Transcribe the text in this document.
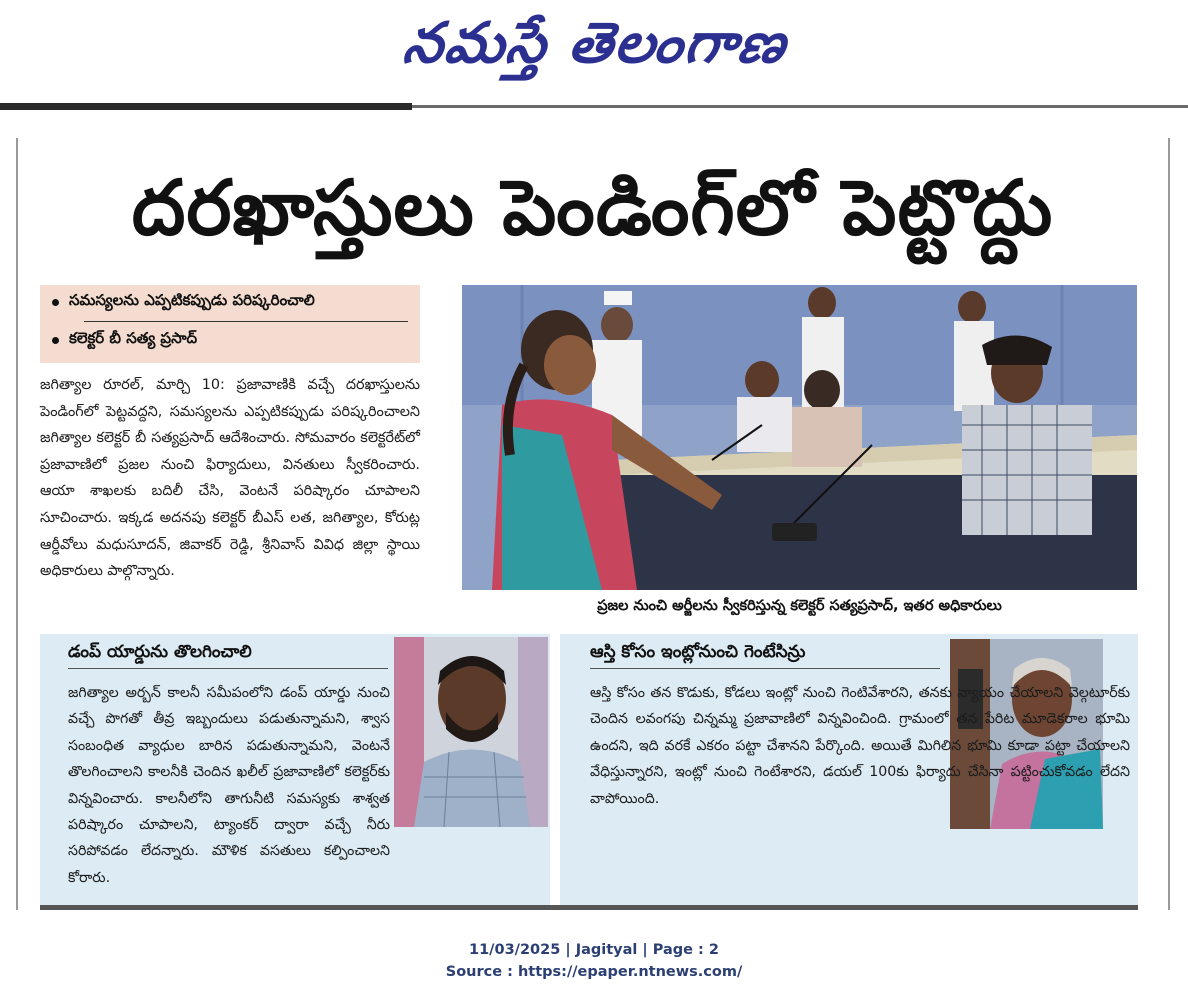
నమస్తే తెలంగాణ
దరఖాస్తులు పెండింగ్‌లో పెట్టొద్దు
సమస్యలను ఎప్పటికప్పుడు పరిష్కరించాలి
కలెక్టర్ బీ సత్య ప్రసాద్
జగిత్యాల రూరల్, మార్చి 10: ప్రజావాణికి వచ్చే దరఖాస్తులను పెండింగ్‌లో పెట్టవద్దని, సమస్యలను ఎప్పటికప్పుడు పరిష్కరించాలని జగిత్యాల కలెక్టర్ బీ సత్యప్రసాద్ ఆదేశించారు. సోమవారం కలెక్టరేట్‌లో ప్రజావాణిలో ప్రజల నుంచి ఫిర్యాదులు, వినతులు స్వీకరించారు. ఆయా శాఖలకు బదిలీ చేసి, వెంటనే పరిష్కారం చూపాలని సూచించారు. ఇక్కడ అదనపు కలెక్టర్ బీఎస్ లత, జగిత్యాల, కోరుట్ల ఆర్డీవోలు మధుసూదన్, జివాకర్ రెడ్డి, శ్రీనివాస్ వివిధ జిల్లా స్థాయి అధికారులు పాల్గొన్నారు.
ప్రజల నుంచి అర్జీలను స్వీకరిస్తున్న కలెక్టర్ సత్యప్రసాద్, ఇతర అధికారులు
డంప్ యార్డును తొలగించాలి
జగిత్యాల అర్బన్ కాలనీ సమీపంలోని డంప్ యార్డు నుంచి వచ్చే పొగతో తీవ్ర ఇబ్బందులు పడుతున్నామని, శ్వాస సంబంధిత వ్యాధుల బారిన పడుతున్నామని, వెంటనే తొలగించాలని కాలనీకి చెందిన ఖలీల్ ప్రజావాణిలో కలెక్టర్‌కు విన్నవించారు. కాలనీలోని తాగునీటి సమస్యకు శాశ్వత పరిష్కారం చూపాలని, ట్యాంకర్ ద్వారా వచ్చే నీరు సరిపోవడం లేదన్నారు. మౌళిక వసతులు కల్పించాలని కోరారు.
ఆస్తి కోసం ఇంట్లోనుంచి గెంటేసిన్రు
ఆస్తి కోసం తన కొడుకు, కోడలు ఇంట్లో నుంచి గెంటివేశారని, తనకు న్యాయం చేయాలని వెల్గటూర్‌కు చెందిన లవంగపు చిన్నమ్మ ప్రజావాణిలో విన్నవించింది. గ్రామంలో తన పేరిట మూడెకరాల భూమి ఉందని, ఇది వరకే ఎకరం పట్టా చేశానని పేర్కొంది. అయితే మిగిలిన భూమి కూడా పట్టా చేయాలని వేధిస్తున్నారని, ఇంట్లో నుంచి గెంటేశారని, డయల్ 100కు ఫిర్యాదు చేసినా పట్టించుకోవడం లేదని వాపోయింది.
11/03/2025 | Jagityal | Page : 2
Source : https://epaper.ntnews.com/
